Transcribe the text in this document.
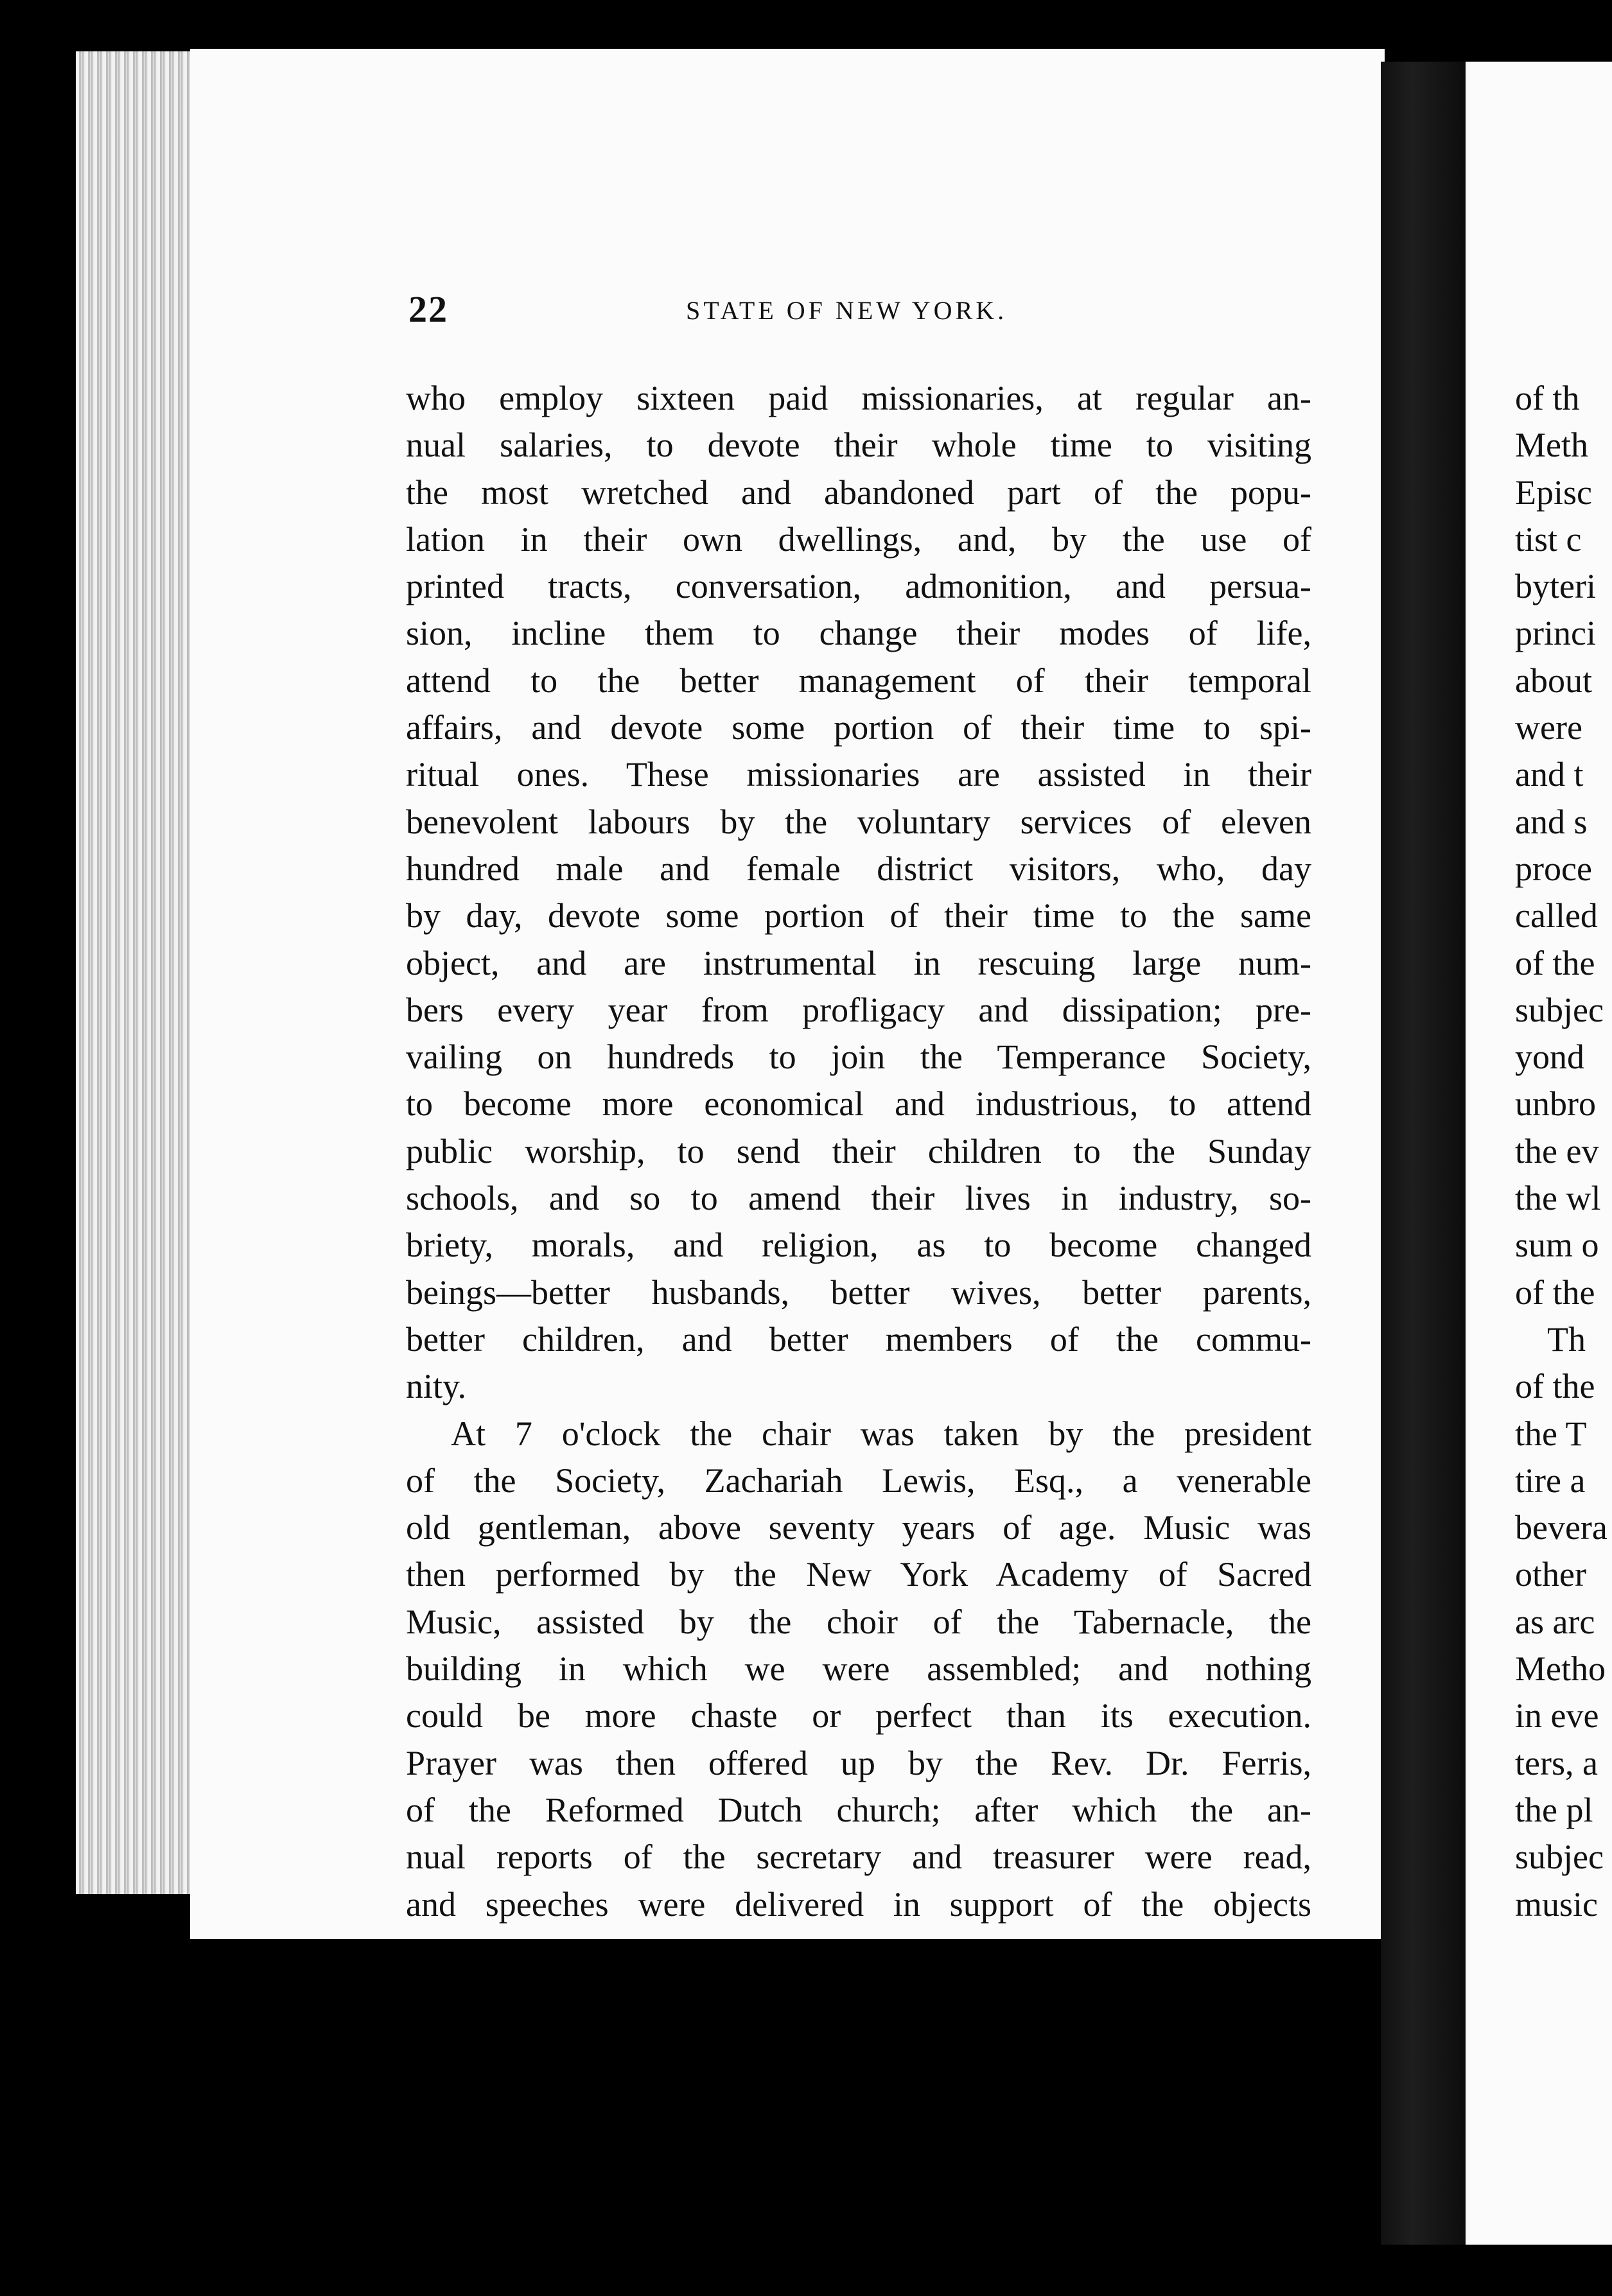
of th
Meth
Episc
tist c
byteri
princi
about
were
and t
and s
proce
called
of the
subjec
yond
unbro
the ev
the wl
sum o
of the
Th
of the
the T
tire a
bevera
other
as arc
Metho
in eve
ters, a
the pl
subjec
music
22	STATE OF NEW YORK.
who employ sixteen paid missionaries, at regular an-
nual salaries, to devote their whole time to visiting
the most wretched and abandoned part of the popu-
lation in their own dwellings, and, by the use of
printed tracts, conversation, admonition, and persua-
sion, incline them to change their modes of life,
attend to the better management of their temporal
affairs, and devote some portion of their time to spi-
ritual ones. These missionaries are assisted in their
benevolent labours by the voluntary services of eleven
hundred male and female district visitors, who, day
by day, devote some portion of their time to the same
object, and are instrumental in rescuing large num-
bers every year from profligacy and dissipation; pre-
vailing on hundreds to join the Temperance Society,
to become more economical and industrious, to attend
public worship, to send their children to the Sunday
schools, and so to amend their lives in industry, so-
briety, morals, and religion, as to become changed
beings—better husbands, better wives, better parents,
better children, and better members of the commu-
nity.
At 7 o'clock the chair was taken by the president
of the Society, Zachariah Lewis, Esq., a venerable
old gentleman, above seventy years of age. Music was
then performed by the New York Academy of Sacred
Music, assisted by the choir of the Tabernacle, the
building in which we were assembled; and nothing
could be more chaste or perfect than its execution.
Prayer was then offered up by the Rev. Dr. Ferris,
of the Reformed Dutch church; after which the an-
nual reports of the secretary and treasurer were read,
and speeches were delivered in support of the objects
